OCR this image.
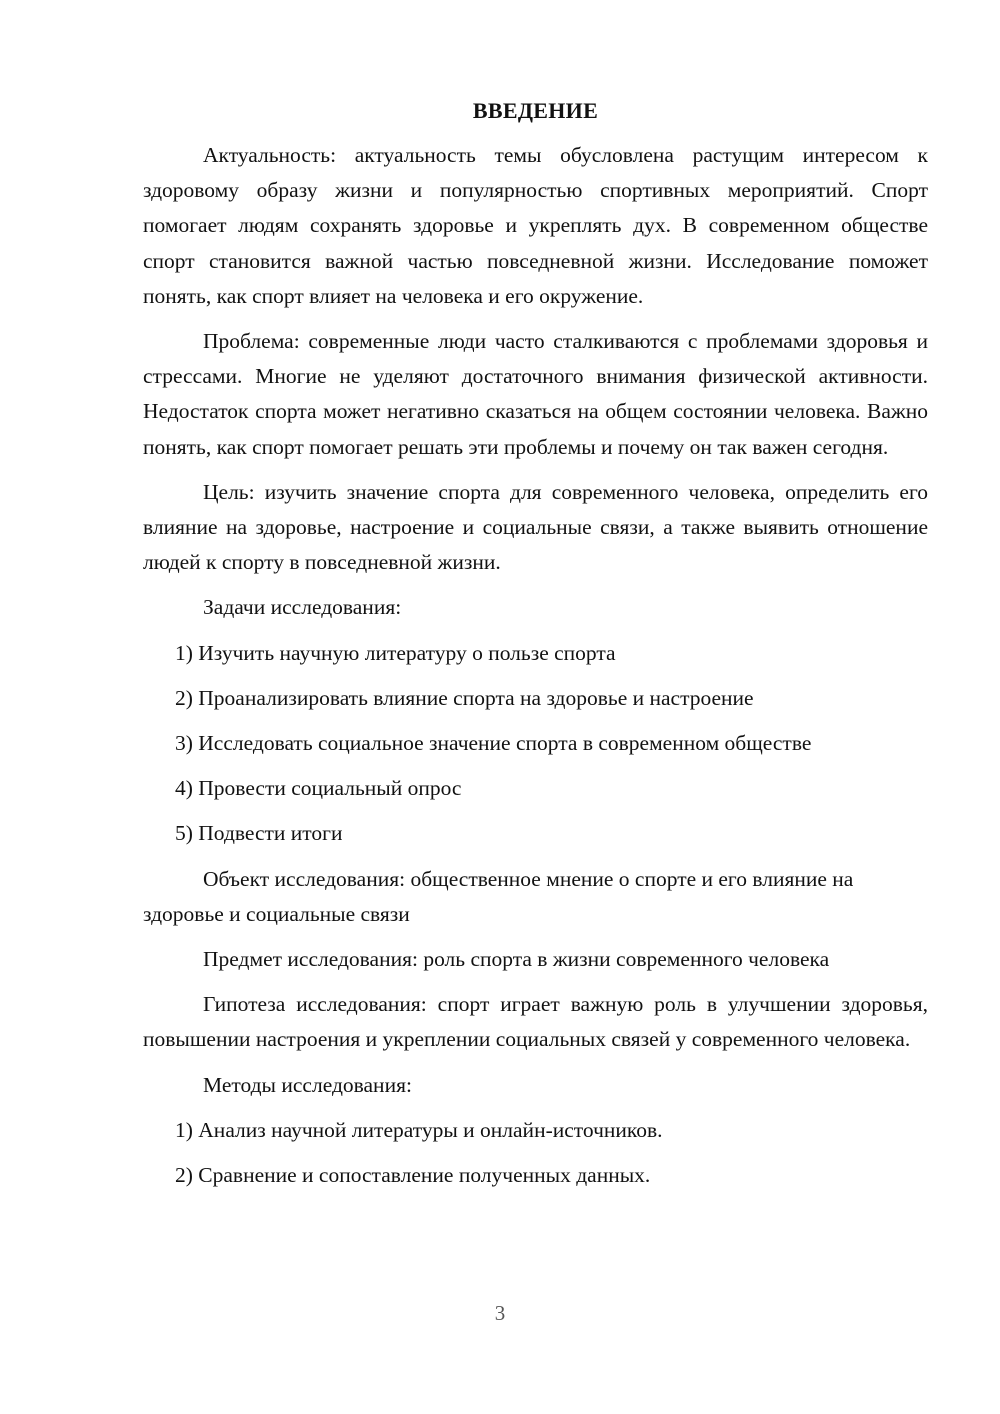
ВВЕДЕНИЕ

Актуальность: актуальность темы обусловлена растущим интересом к здоровому образу жизни и популярностью спортивных мероприятий. Спорт помогает людям сохранять здоровье и укреплять дух. В современном обществе спорт становится важной частью повседневной жизни. Исследование поможет понять, как спорт влияет на человека и его окружение.

Проблема: современные люди часто сталкиваются с проблемами здоровья и стрессами. Многие не уделяют достаточного внимания физической активности. Недостаток спорта может негативно сказаться на общем состоянии человека. Важно понять, как спорт помогает решать эти проблемы и почему он так важен сегодня.

Цель: изучить значение спорта для современного человека, определить его влияние на здоровье, настроение и социальные связи, а также выявить отношение людей к спорту в повседневной жизни.

Задачи исследования:

1) Изучить научную литературу о пользе спорта
2) Проанализировать влияние спорта на здоровье и настроение
3) Исследовать социальное значение спорта в современном обществе
4) Провести социальный опрос
5) Подвести итоги

Объект исследования: общественное мнение о спорте и его влияние на здоровье и социальные связи

Предмет исследования: роль спорта в жизни современного человека

Гипотеза исследования: спорт играет важную роль в улучшении здоровья, повышении настроения и укреплении социальных связей у современного человека.

Методы исследования:

1) Анализ научной литературы и онлайн-источников.
2) Сравнение и сопоставление полученных данных.
3
